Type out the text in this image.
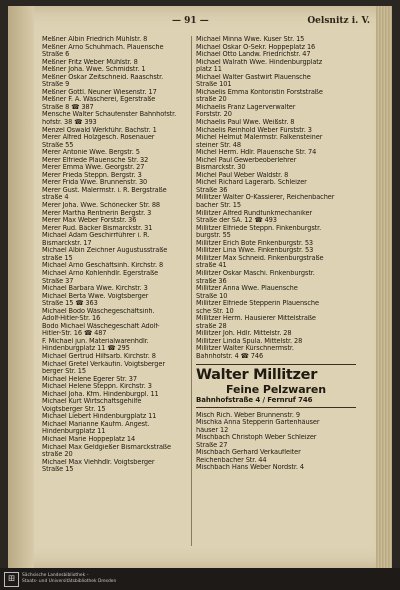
— 91 —	Oelsnitz i. V.
Meßner Albin Friedrich Mühlstr. 8
Meßner Arno Schuhmach. Plauensche
Straße 6
Meßner Fritz Weber Mühlstr. 8
Meßner Joha. Wwe. Schmidstr. 1
Meßner Oskar Zeitschneid. Raaschstr.
Straße 9
Meßner Gottl. Neuner Wiesenstr. 17
Meßner F. A. Wäscherei, Egerstraße
Straße 8 ☎ 387
Mensche Walter Schaufenster Bahnhofstr.
hofstr. 38 ☎ 393
Menzel Oswald Werkführ. Bachstr. 1
Merer Alfred Holzgesch. Rosenauer
Straße 55
Merer Antonie Wwe. Bergstr. 5
Merer Elfriede Plauensche Str. 32
Merer Emma Wwe. Georgstr. 27
Merer Frieda Steppn. Bergstr. 3
Merer Frida Wwe. Brunnenstr. 30
Merer Gust. Malermstr. i. R. Bergstraße
straße 4
Merer Joha. Wwe. Schönecker Str. 88
Merer Martha Rentnerin Bergstr. 3
Merer Max Weber Forststr. 36
Merer Rud. Bäcker Bismarckstr. 31
Michael Adam Geschirrführer i. R.
Bismarckstr. 17
Michael Albin Zeichner Augustusstraße
straße 15
Michael Arno Geschäftsinh. Kirchstr. 8
Michael Arno Kohlenhdlr. Egerstraße
Straße 37
Michael Barbara Wwe. Kirchstr. 3
Michael Berta Wwe. Voigtsberger
Straße 15 ☎ 363
Michael Bodo Wäschegeschäftsinh.
Adolf-Hitler-Str. 16
Bodo Michael Wäschegeschäft Adolf-
Hitler-Str. 16 ☎ 487
F. Michael jun. Materialwarenhdlr.
Hindenburgplatz 11 ☎ 295
Michael Gertrud Hilfsarb. Kirchstr. 8
Michael Gretel Verkäufin. Voigtsberger
berger Str. 15
Michael Helene Egerer Str. 37
Michael Helene Steppn. Kirchstr. 3
Michael Joha. Kfm. Hindenburgpl. 11
Michael Kurt Wirtschaftsgehilfe
Voigtsberger Str. 15
Michael Liebert Hindenburgplatz 11
Michael Marianne Kaufm. Angest.
Hindenburgplatz 11
Michael Marie Hoppeplatz 14
Michael Max Geldgießer Bismarckstraße
straße 20
Michael Max Viehhdlr. Voigtsberger
Straße 15
Michael Minna Wwe. Kuser Str. 15
Michael Oskar O-Sekr. Hoppeplatz 16
Michael Otto Landw. Friedrichstr. 47
Michael Walrath Wwe. Hindenburgplatz
platz 11
Michael Walter Gastwirt Plauensche
Straße 101
Michaelis Emma Kontoristin Forststraße
straße 20
Michaelis Franz Lagerverwalter
Forststr. 20
Michaelis Paul Wwe. Weißstr. 8
Michaelis Reinhold Weber Fürststr. 3
Michel Helmut Malermstr. Falkensteiner
steiner Str. 48
Michel Herm. Hdlr. Plauensche Str. 74
Michel Paul Gewerbeoberlehrer
Bismarckstr. 30
Michel Paul Weber Waldstr. 8
Michel Richard Lagerarb. Schleizer
Straße 36
Millitzer Walter O-Kassierer, Reichenbacher
bacher Str. 15
Millitzer Alfred Rundfunkmechaniker
Straße der SA. 12 ☎ 493
Millitzer Elfriede Steppn. Finkenburgstr.
burgstr. 55
Millitzer Erich Bote Finkenburgstr. 53
Millitzer Lina Wwe. Finkenburgstr. 53
Millitzer Max Schneid. Finkenburgstraße
straße 41
Millitzer Oskar Maschi. Finkenburgstr.
straße 36
Millitzer Anna Wwe. Plauensche
Straße 10
Millitzer Elfriede Stepperin Plauensche
sche Str. 10
Millitzer Herm. Hausierer Mittelstraße
straße 28
Millitzer Joh. Hdlr. Mittelstr. 28
Millitzer Linda Spula. Mittelstr. 28
Millitzer Walter Kürschnermstr.
Bahnhofstr. 4 ☎ 746
Walter Millitzer
Feine Pelzwaren
Bahnhofstraße 4 / Fernruf 746
Misch Rich. Weber Brunnenstr. 9
Mischka Anna Stepperin Gartenhäuser
häuser 12
Mischbach Christoph Weber Schleizer
Straße 27
Mischbach Gerhard Verkaufleiter
Reichenbacher Str. 44
Mischbach Hans Weber Nordstr. 4
⊞	Sächsische Landesbibliothek –
Staats- und Universitätsbibliothek Dresden
